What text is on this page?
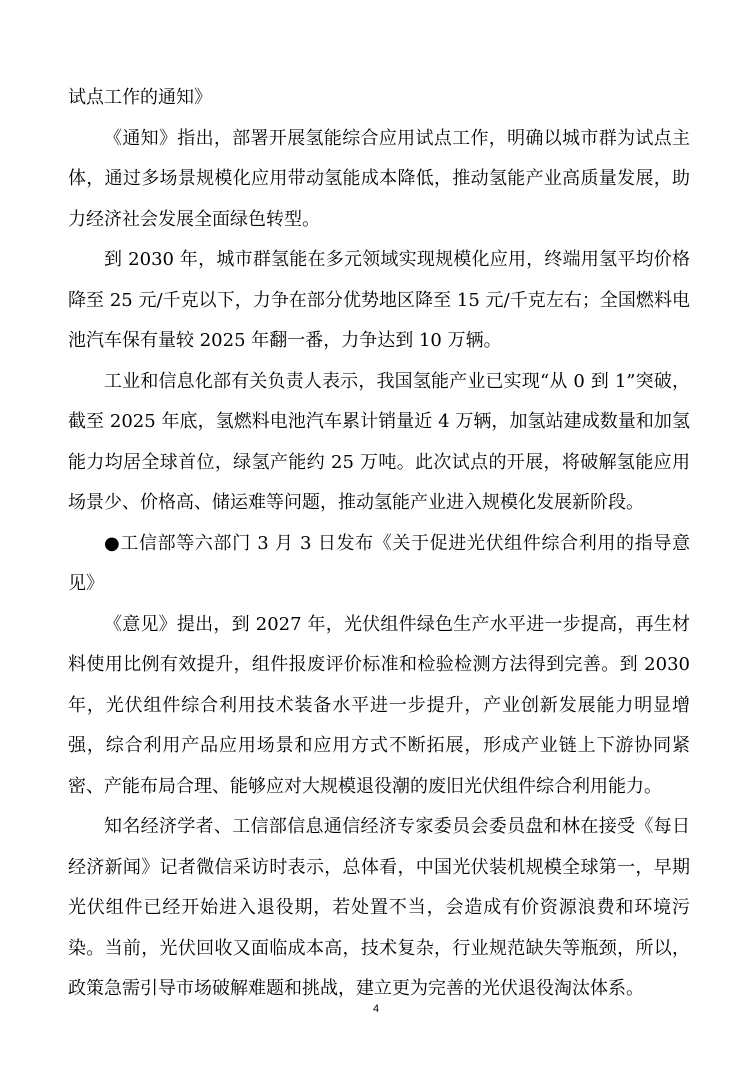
试点工作的通知》

《通知》指出，部署开展氢能综合应用试点工作，明确以城市群为试点主体，通过多场景规模化应用带动氢能成本降低，推动氢能产业高质量发展，助力经济社会发展全面绿色转型。

到 2030 年，城市群氢能在多元领域实现规模化应用，终端用氢平均价格降至 25 元/千克以下，力争在部分优势地区降至 15 元/千克左右；全国燃料电池汽车保有量较 2025 年翻一番，力争达到 10 万辆。

工业和信息化部有关负责人表示，我国氢能产业已实现“从 0 到 1”突破，截至 2025 年底，氢燃料电池汽车累计销量近 4 万辆，加氢站建成数量和加氢能力均居全球首位，绿氢产能约 25 万吨。此次试点的开展，将破解氢能应用场景少、价格高、储运难等问题，推动氢能产业进入规模化发展新阶段。

●工信部等六部门 3 月 3 日发布《关于促进光伏组件综合利用的指导意见》

《意见》提出，到 2027 年，光伏组件绿色生产水平进一步提高，再生材料使用比例有效提升，组件报废评价标准和检验检测方法得到完善。到 2030 年，光伏组件综合利用技术装备水平进一步提升，产业创新发展能力明显增强，综合利用产品应用场景和应用方式不断拓展，形成产业链上下游协同紧密、产能布局合理、能够应对大规模退役潮的废旧光伏组件综合利用能力。

知名经济学者、工信部信息通信经济专家委员会委员盘和林在接受《每日经济新闻》记者微信采访时表示，总体看，中国光伏装机规模全球第一，早期光伏组件已经开始进入退役期，若处置不当，会造成有价资源浪费和环境污染。当前，光伏回收又面临成本高，技术复杂，行业规范缺失等瓶颈，所以，政策急需引导市场破解难题和挑战，建立更为完善的光伏退役淘汰体系。

4
